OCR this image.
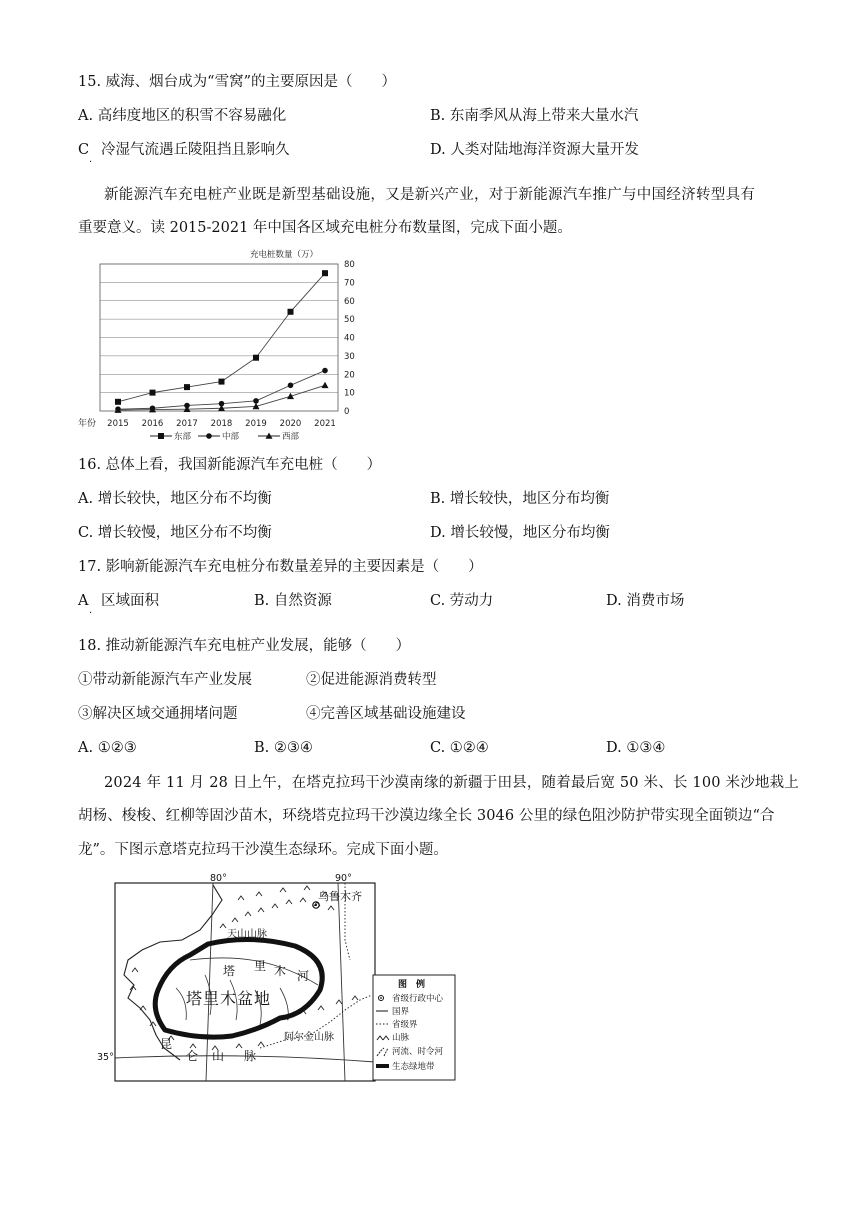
15. 威海、烟台成为“雪窝”的主要原因是（　　）
A. 高纬度地区的积雪不容易融化	B. 东南季风从海上带来大量水汽
C
·
冷湿气流遇丘陵阻挡且影响久	D. 人类对陆地海洋资源大量开发
新能源汽车充电桩产业既是新型基础设施，又是新兴产业，对于新能源汽车推广与中国经济转型具有
重要意义。读 2015-2021 年中国各区域充电桩分布数量图，完成下面小题。
充电桩数量（万）
年份
0
10
20
30
40
50
60
70
80
2015 2016 2017 2018 2019 2020 2021
东部	中部	西部
16. 总体上看，我国新能源汽车充电桩（　　）
A. 增长较快，地区分布不均衡	B. 增长较快，地区分布均衡
C. 增长较慢，地区分布不均衡	D. 增长较慢，地区分布均衡
17. 影响新能源汽车充电桩分布数量差异的主要因素是（　　）
A
·
区域面积	B. 自然资源	C. 劳动力	D. 消费市场
18. 推动新能源汽车充电桩产业发展，能够（　　）
①带动新能源汽车产业发展	②促进能源消费转型
③解决区域交通拥堵问题	④完善区域基础设施建设
A. ①②③	B. ②③④	C. ①②④	D. ①③④
2024 年 11 月 28 日上午，在塔克拉玛干沙漠南缘的新疆于田县，随着最后宽 50 米、长 100 米沙地栽上
胡杨、梭梭、红柳等固沙苗木，环绕塔克拉玛干沙漠边缘全长 3046 公里的绿色阻沙防护带实现全面锁边“合
龙”。下图示意塔克拉玛干沙漠生态绿环。完成下面小题。
80°	90°
35°
乌鲁木齐
天山山脉
塔 里 木 河
塔里木盆地
昆
仑 山 脉
阿尔金山脉
图　例
省级行政中心
国界
省级界
山脉
河流、时令河
生态绿地带
